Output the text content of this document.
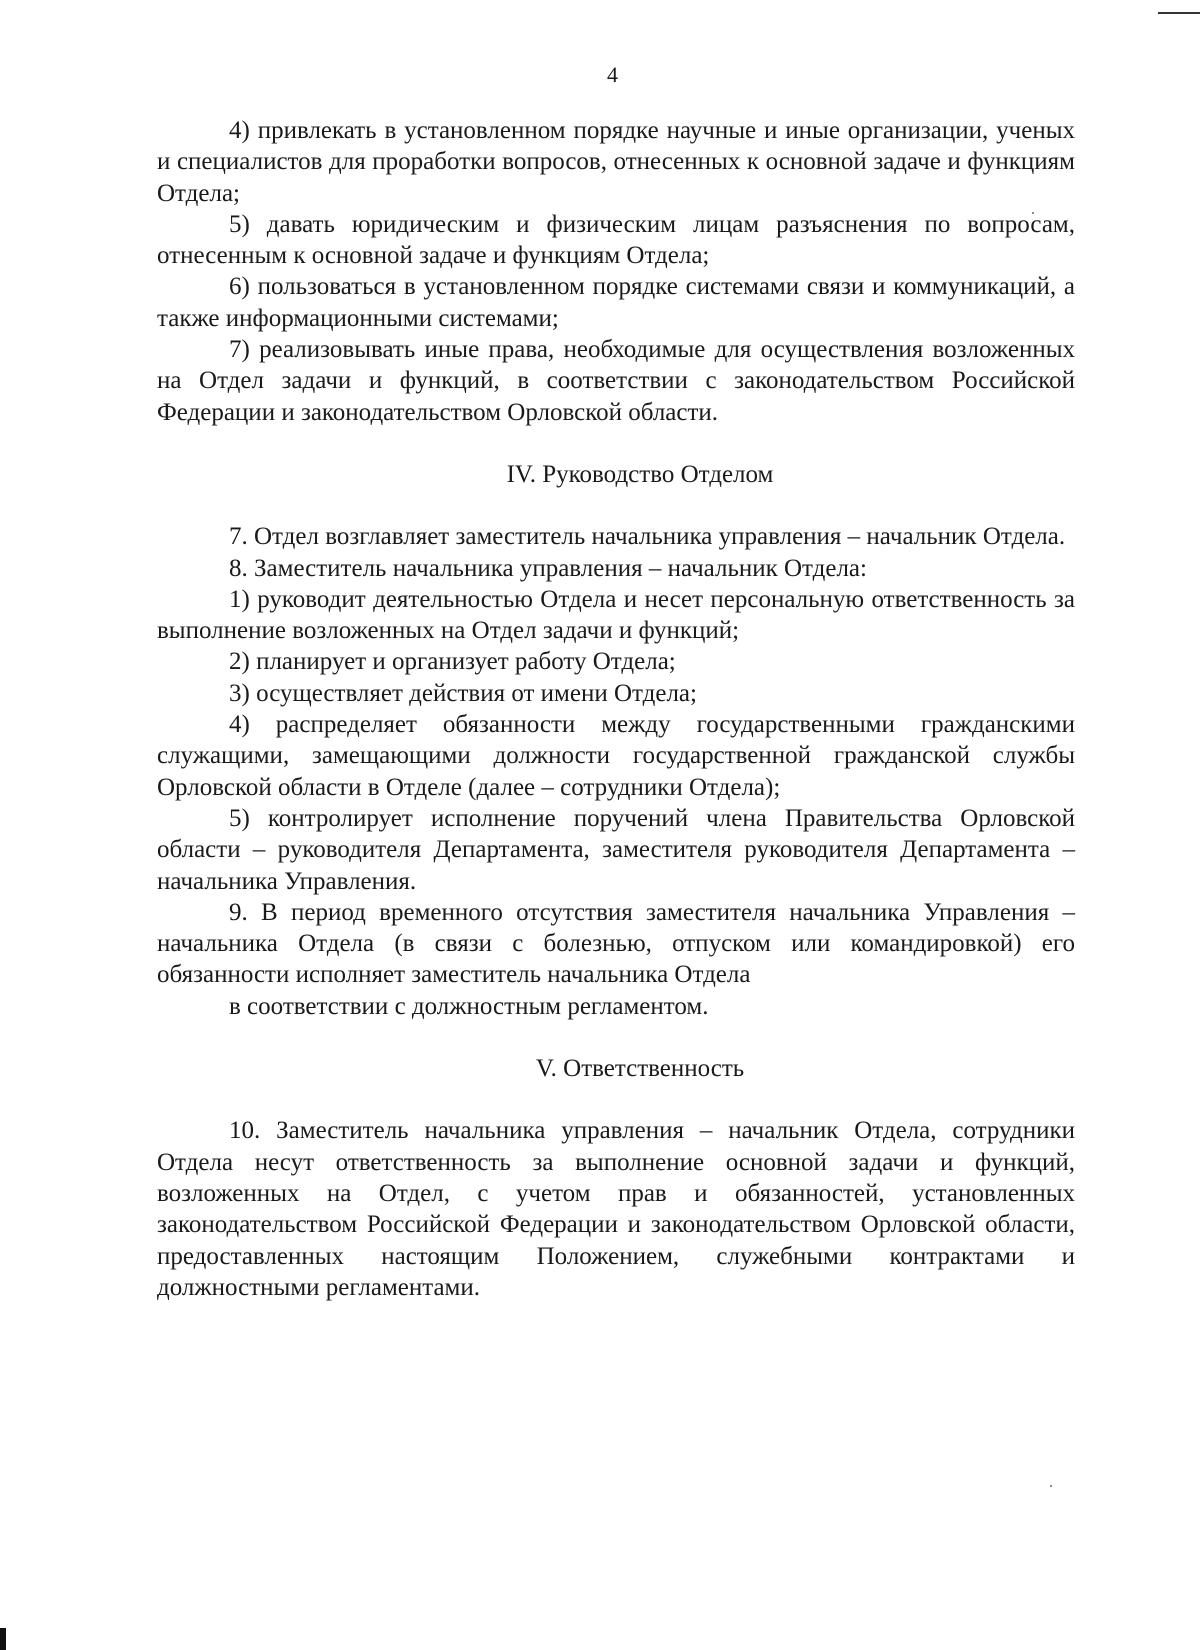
4

4) привлекать в установленном порядке научные и иные организации, ученых и специалистов для проработки вопросов, отнесенных к основной задаче и функциям Отдела;

5) давать юридическим и физическим лицам разъяснения по вопросам, отнесенным к основной задаче и функциям Отдела;

6) пользоваться в установленном порядке системами связи и коммуникаций, а также информационными системами;

7) реализовывать иные права, необходимые для осуществления возложенных на Отдел задачи и функций, в соответствии с законодательством Российской Федерации и законодательством Орловской области.

IV. Руководство Отделом

7. Отдел возглавляет заместитель начальника управления – начальник Отдела.

8. Заместитель начальника управления – начальник Отдела:

1) руководит деятельностью Отдела и несет персональную ответственность за выполнение возложенных на Отдел задачи и функций;

2) планирует и организует работу Отдела;

3) осуществляет действия от имени Отдела;

4) распределяет обязанности между государственными гражданскими служащими, замещающими должности государственной гражданской службы Орловской области в Отделе (далее – сотрудники Отдела);

5) контролирует исполнение поручений члена Правительства Орловской области – руководителя Департамента, заместителя руководителя Департамента – начальника Управления.

9. В период временного отсутствия заместителя начальника Управления – начальника Отдела (в связи с болезнью, отпуском или командировкой) его обязанности исполняет заместитель начальника Отдела

в соответствии с должностным регламентом.

V. Ответственность

10. Заместитель начальника управления – начальник Отдела, сотрудники Отдела несут ответственность за выполнение основной задачи и функций, возложенных на Отдел, с учетом прав и обязанностей, установленных законодательством Российской Федерации и законодательством Орловской области, предоставленных настоящим Положением, служебными контрактами и должностными регламентами.
